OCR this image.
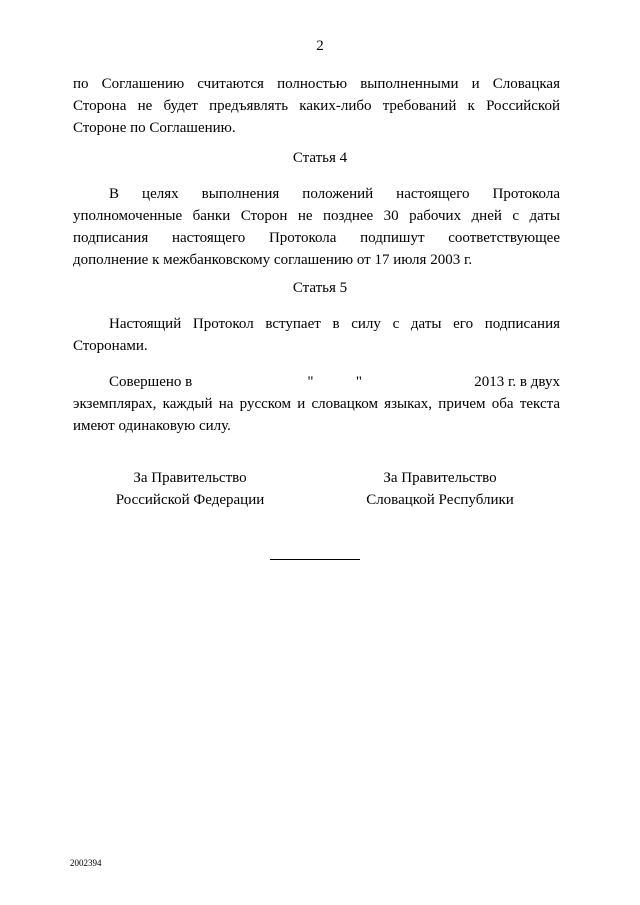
2
по Соглашению считаются полностью выполненными и Словацкая
Сторона не будет предъявлять каких-либо требований к Российской
Стороне по Соглашению.
Статья 4
В целях выполнения положений настоящего Протокола
уполномоченные банки Сторон не позднее 30 рабочих дней с даты
подписания настоящего Протокола подпишут соответствующее
дополнение к межбанковскому соглашению от 17 июля 2003 г.
Статья 5
Настоящий Протокол вступает в силу с даты его подписания
Сторонами.
Совершено в	"	"	2013 г. в двух
экземплярах, каждый на русском и словацком языках, причем оба текста
имеют одинаковую силу.
За Правительство
Российской Федерации
За Правительство
Словацкой Республики
2002394
